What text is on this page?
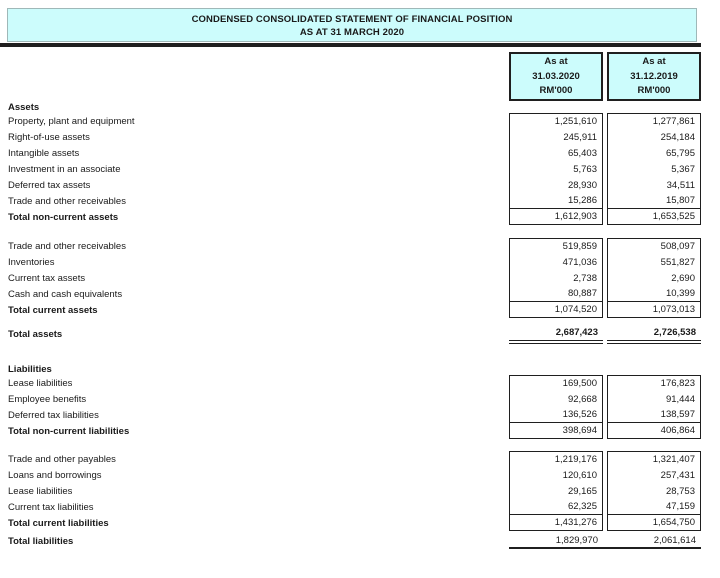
CONDENSED CONSOLIDATED STATEMENT OF FINANCIAL POSITION
AS AT 31 MARCH 2020
As at
31.03.2020
RM'000
As at
31.12.2019
RM'000
Assets
Property, plant and equipment	1,251,610	1,277,861
Right-of-use assets	245,911	254,184
Intangible assets	65,403	65,795
Investment in an associate	5,763	5,367
Deferred tax assets	28,930	34,511
Trade and other receivables	15,286	15,807
Total non-current assets	1,612,903	1,653,525
Trade and other receivables	519,859	508,097
Inventories	471,036	551,827
Current tax assets	2,738	2,690
Cash and cash equivalents	80,887	10,399
Total current assets	1,074,520	1,073,013
Total assets	2,687,423	2,726,538
Liabilities
Lease liabilities	169,500	176,823
Employee benefits	92,668	91,444
Deferred tax liabilities	136,526	138,597
Total non-current liabilities	398,694	406,864
Trade and other payables	1,219,176	1,321,407
Loans and borrowings	120,610	257,431
Lease liabilities	29,165	28,753
Current tax liabilities	62,325	47,159
Total current liabilities	1,431,276	1,654,750
Total liabilities	1,829,970	2,061,614
